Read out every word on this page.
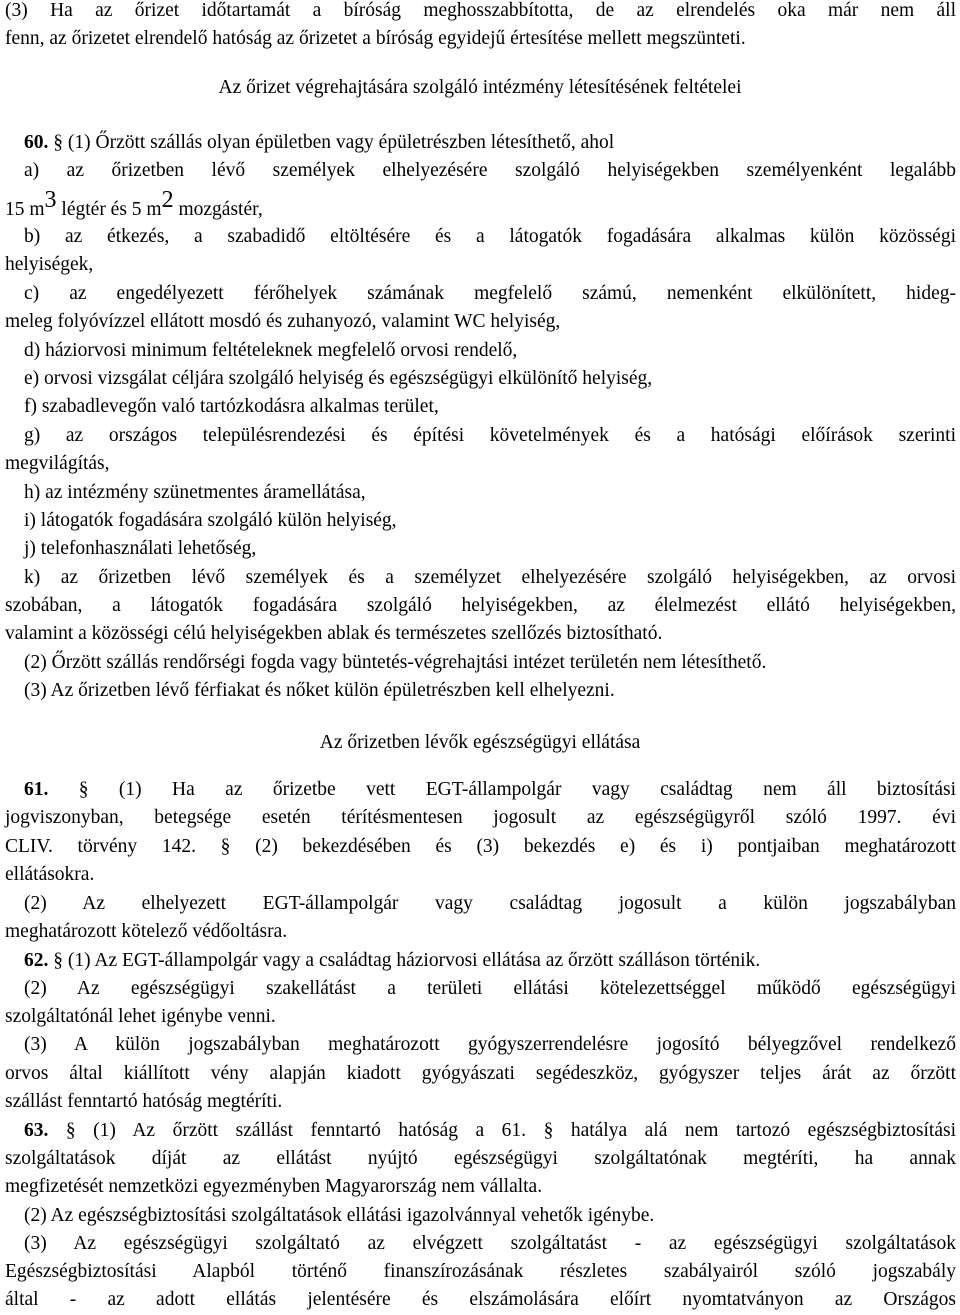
(3) Ha az őrizet időtartamát a bíróság meghosszabbította, de az elrendelés oka már nem áll
fenn, az őrizetet elrendelő hatóság az őrizetet a bíróság egyidejű értesítése mellett megszünteti.
Az őrizet végrehajtására szolgáló intézmény létesítésének feltételei
60. § (1) Őrzött szállás olyan épületben vagy épületrészben létesíthető, ahol
a) az őrizetben lévő személyek elhelyezésére szolgáló helyiségekben személyenként legalább
15 $m^3$ légtér és 5 $m^2$ mozgástér,
b) az étkezés, a szabadidő eltöltésére és a látogatók fogadására alkalmas külön közösségi
helyiségek,
c) az engedélyezett férőhelyek számának megfelelő számú, nemenként elkülönített, hideg-
meleg folyóvízzel ellátott mosdó és zuhanyozó, valamint WC helyiség,
d) háziorvosi minimum feltételeknek megfelelő orvosi rendelő,
e) orvosi vizsgálat céljára szolgáló helyiség és egészségügyi elkülönítő helyiség,
f) szabadlevegőn való tartózkodásra alkalmas terület,
g) az országos településrendezési és építési követelmények és a hatósági előírások szerinti
megvilágítás,
h) az intézmény szünetmentes áramellátása,
i) látogatók fogadására szolgáló külön helyiség,
j) telefonhasználati lehetőség,
k) az őrizetben lévő személyek és a személyzet elhelyezésére szolgáló helyiségekben, az orvosi
szobában, a látogatók fogadására szolgáló helyiségekben, az élelmezést ellátó helyiségekben,
valamint a közösségi célú helyiségekben ablak és természetes szellőzés biztosítható.
(2) Őrzött szállás rendőrségi fogda vagy büntetés-végrehajtási intézet területén nem létesíthető.
(3) Az őrizetben lévő férfiakat és nőket külön épületrészben kell elhelyezni.
Az őrizetben lévők egészségügyi ellátása
61. § (1) Ha az őrizetbe vett EGT-állampolgár vagy családtag nem áll biztosítási
jogviszonyban, betegsége esetén térítésmentesen jogosult az egészségügyről szóló 1997. évi
CLIV. törvény 142. § (2) bekezdésében és (3) bekezdés e) és i) pontjaiban meghatározott
ellátásokra.
(2) Az elhelyezett EGT-állampolgár vagy családtag jogosult a külön jogszabályban
meghatározott kötelező védőoltásra.
62. § (1) Az EGT-állampolgár vagy a családtag háziorvosi ellátása az őrzött szálláson történik.
(2) Az egészségügyi szakellátást a területi ellátási kötelezettséggel működő egészségügyi
szolgáltatónál lehet igénybe venni.
(3) A külön jogszabályban meghatározott gyógyszerrendelésre jogosító bélyegzővel rendelkező
orvos által kiállított vény alapján kiadott gyógyászati segédeszköz, gyógyszer teljes árát az őrzött
szállást fenntartó hatóság megtéríti.
63. § (1) Az őrzött szállást fenntartó hatóság a 61. § hatálya alá nem tartozó egészségbiztosítási
szolgáltatások díját az ellátást nyújtó egészségügyi szolgáltatónak megtéríti, ha annak
megfizetését nemzetközi egyezményben Magyarország nem vállalta.
(2) Az egészségbiztosítási szolgáltatások ellátási igazolvánnyal vehetők igénybe.
(3) Az egészségügyi szolgáltató az elvégzett szolgáltatást - az egészségügyi szolgáltatások
Egészségbiztosítási Alapból történő finanszírozásának részletes szabályairól szóló jogszabály
által - az adott ellátás jelentésére és elszámolására előírt nyomtatványon az Országos
